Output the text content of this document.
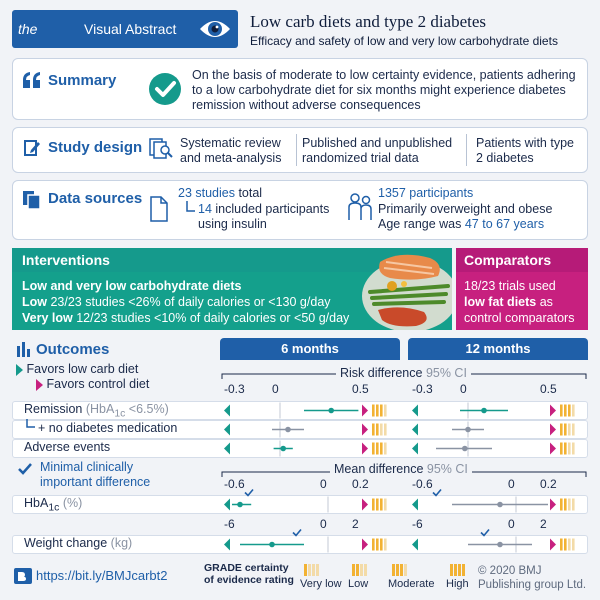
the	Visual Abstract	Low carb diets and type 2 diabetes
Efficacy and safety of low and very low carbohydrate diets
Summary	On the basis of moderate to low certainty evidence, patients adhering to a low carbohydrate diet for six months might experience diabetes remission without adverse consequences
Study design	Systematic review and meta-analysis
Published and unpublished randomized trial data
Patients with type 2 diabetes
Data sources	23 studies total
14 included participants
using insulin
1357 participants
Primarily overweight and obese
Age range was 47 to 67 years
Interventions
Low and very low carbohydrate diets
Low 23/23 studies <26% of daily calories or <130 g/day
Very low 12/23 studies <10% of daily calories or <50 g/day
Comparators
18/23 trials used
low fat diets as
control comparators
Outcomes	6 months	12 months
Favors low carb diet
Favors control diet
Risk difference 95% CI
-0.3 0	0.5	-0.3 0	0.5
Remission (HbA$_{1c}$ <6.5%)
+ no diabetes medication
Adverse events
Minimal clinically
important difference
Mean difference 95% CI
-0.6	0 0.2	-0.6	0 0.2
HbA$_{1c}$ (%)
-6	0 2	-6	0 2
Weight change (kg)
https://bit.ly/BMJcarbt2	GRADE certainty
of evidence rating Very low Low Moderate High
© 2020 BMJ
Publishing group Ltd.
